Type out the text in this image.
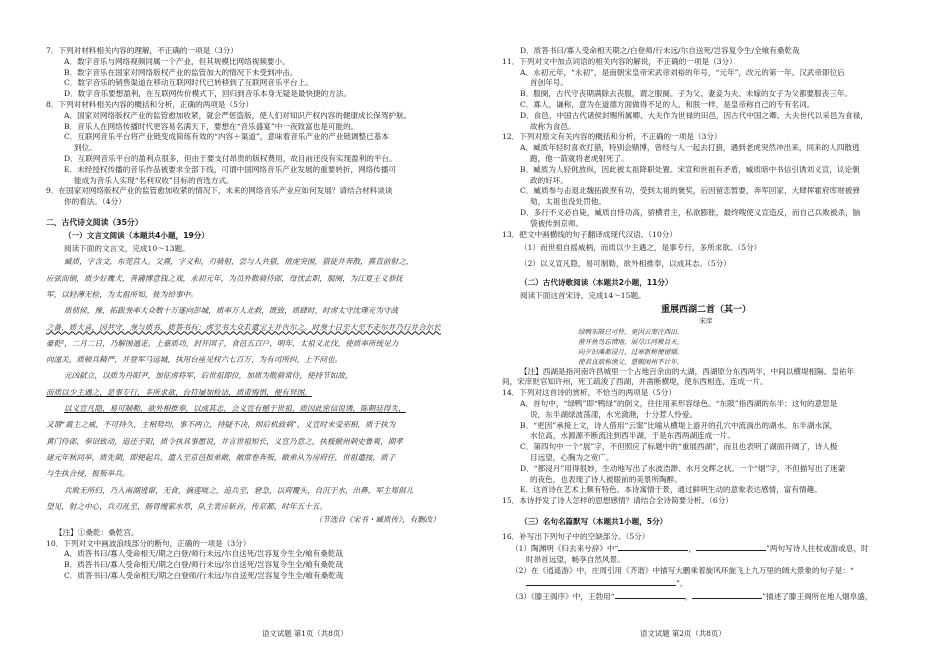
7．下列对材料相关内容的理解，不正确的一项是（3分）

A．数字音乐与网络视频同属一个产业，但其规模比网络视频要小。

B．数字音乐在国家对网络版权产业的监管加大的情况下未受到冲击。

C．数字音乐的销售渠道在移动互联网时代已转移到了互联网音乐平台上。

D．数字音乐要想盈利，在互联网传价模式下，回归到音乐本身无疑是最快捷的方法。

8．下列对材料相关内容的概括和分析，正确的两项是（5分）

A．国家对网络版权产业的监管愈加收紧，就会严惩盗版，使人们对知识产权内容的健康成长保驾护航。

B．音乐人在网络传播时代更容易名满天下，要想在“音乐盛宴”中一夜致富也是可能的。

C．互联网音乐平台将产业链变成简练有效的“内容＋渠道”，意味着音乐产业的产业链调整已基本

到位。

D．互联网音乐平台的盈利点很多，但由于要支付昂贵的版权费用，故目前还没有实现盈利的平台。

E．未经授权传播的音乐作品被要求全部下线，可谓中国网络音乐产业发展的重要转折，网络传播可

能成为音乐人实现“名利双收”目标的首选方式。

9．在国家对网络版权产业的监管愈加收紧的情况下，未来的网络音乐产业应如何发展？请结合材料谈谈

你的看法。（4分）

二、古代诗文阅读（35分）

（一）文言文阅读（本题共4小题，19分）

阅读下面的文言文，完成10～13题。

臧质，字含文，东莞莒人。父熹，字义和，刃骑射，尝与人共猎，值虎突围，猎徒并奔散，熹直前射之，

应弦而倒，质少好鹰犬，善蒱博意钱之戏，永初元年，为员外散骑侍郎，母忧去职，服阕，为江夏王义恭抚

军，以轻薄无检，为太祖所知，徙为给事中。

质侦侯，豫，拓跋焘率大众数十万遂向彭城，质率万人北救，既致，质肆时，时虏太守沈璞充为守战

之备，质大喜，因共守，焘与质书，质答书有：虏至书大众若遣宝王并告尔之。时焘十日至大至不走尔并乃行并合尔长

豪乾²，二月二日，乃解围遁走，上嘉质功，封开国子，食邑五百户，明年，太祖义北伐，使质率所统见力

向潼关，质顿兵精严，并登军马远城，执用台座见权六七百万，为有司所纠，上不问也。

元凶弑立，以质为丹阳尹，加征虏将军，后世祖即位，加质为散骑常侍，使持节如故，

而质以少主遇之，是事专行，多所求欲，台符屡加检诘，质甫悔惧，便有异图。

以义宣凡隐，易可制勒，欲外相推奉，以成其志，会义宣有憾于世祖，质因此密信说诱，陈朝廷得失，

又谓“震主之威，不可持久，主相势均，事不两立，持疑不决，则后机致祸”，义宣时未受巫相，质于执为

黄门侍郎，奉诏致动，追还于阳，质令执具事愿说，并言世祖短长，义宣乃意之，执极撤州刺史鲁爽，期孝

建元年秋同举，质先期，即便起兵，遣人至京邑报弟敞，敞席卷奔叛，敞弟从为房府任，世祖遣按，质子

与生执合侵，报叛举兵。

兵败无所归，乃入南湖逃窜，无食，摘莲啖之，追兵至，窘急，以荷覆头，自沉于水，出鼻，军主郑俱儿

望见，射之中心，兵刃乱至，肠胃缠萦水草，队主裴应斩首，传京都，时年五十五。

（节选自《宋书・臧质传》，有删改）

【注】①桑乾：桑乾宫。

10．下列对文中画波浪线部分的断句，正确的一项是（3分）

A．质答书曰/寡人受命相天/期之白登/师行未远/尔自送死/岂容复令生全/飨有桑乾哉

B．质答书曰/寡人受命相天/期之白登/师行未远/尔自送死/岂容复令生全/飨有桑乾哉

C．质答书曰/寡人受命相天/期之白登师/行未远/尔自送死/岂容复令生全/飨有桑乾哉

D．质答书曰/寡人受命相天期之/白登师/行未远/尔自送死/岂容复令生/全飨有桑乾哉

11．下列对文中加点词语的相关内容的解说，不正确的一项是（3分）

A．永初元年，“永初”，是南朝宋皇帝宋武帝刘裕的年号，“元年”，改元的第一年。汉武帝即位后

首创年号。

B．服阕，古代守丧期满除去丧服，谓之服阕。子为父、妻妾为夫、未嫁的女子为父都要服丧三年。

C．寡人，谦称，意为在道德方面做得不足的人。和朕一样，是皇帝称自己的专有名词。

D．食邑，中国古代诸侯封赐所属卿、大夫作为世禄的田邑，因古代中国之卿、大夫世代以采邑为食禄，

故称为食邑。

12．下列对原文有关内容的概括和分析，不正确的一项是（3分）

A．臧质年轻时喜欢打猎，特别会赌博，曾经与人一起去打猎，遇到老虎突然冲出来，同来的人四散逃

跑，他一箭就将老虎射死了。

B．臧质为人轻佻放纵，因此被太祖降职处置。宋宣和世祖有矛盾，臧质暗中书信引诱刘义宣，议论朝

政的好坏。

C．臧质参与击退北魏拓跋焘有功，受到太祖的褒奖，后因留恋暂要，奔军回家，大肆挥霍府库财被弹

劾，太祖也没处罚他。

D．多行不义必自毙，臧质自恃功高，骄横君主，私欲膨胀，最终嗖使义宣造反，而自己兵败被杀，脑

袋被传到京师。

13．把文中画横线的句子翻译成现代汉语。（10分）

（1）而世祖自摇威柄，而质以少主遇之，是事专行，多所求欲。（5分）

（2）以义宣凡隐，易可制勒，欲外相推奉，以成其志。（5分）

（二）古代诗歌阅读（本题共2小题，11分）

阅读下面这首宋诗，完成14～15题。

重展西湖二首（其一）

宋庠

绿鸭东陂已可怜，更因云窦注西田。

凿开鱼鸟忘情地，展尽江河极目天。

向夕旧滩都浸月，过寒新树便留烟。

使君直欲称渔父，愿赐闲州不计年。

【注】西湖是指河南许昌城里一个占地百余亩的大湖，西湖原分东西两半，中间以横堤相隔。皇祐年

间，宋庠贬官知许州，死工疏浚了西湖，并凿断横堤，使东西相连，连成一片。

14．下列对这首诗的赏析，不恰当的两项是（5分）

A．首句中，“绿鸭”即“鸭绿”的倒文，往往用来形容绿色。“东陂”指西湖的东半；这句的意思是

说，东半湖绿波荡漾，水光潋滟，十分惹人怜爱。

B．“更因”承接上文，诗人借用“云窦”比喻从横堤上游开的孔穴中流淌出的湖水。东半湖水深，

水位高，水源源不断流注到西半湖，于是东西两湖连成一片。

C．第四句中一个“展”字，不但照应了标题中的“重展西湖”，而且也表明了湖面开阔了，诗人极

目远望，心胸为之宽广。

D．“都浸月”用得很妙，生动地写出了水波浩渺、水月交辉之状。一个“烟”字，不但描写出了迷蒙

的夜色，也表现了诗人被眼前的美景所陶醉。

E．这首诗在艺术上颇有特色。本诗寓情于景，通过鲜明生动的意象表达感情，富有情趣。

15．本诗抒发了诗人怎样的思想感情？请结合全诗简要分析。（6分）

（三）名句名篇默写（本题共1小题，5分）

16．补写出下列句子中的空缺部分。（5分）

（1）陶渊明《归去来兮辞》中“	，	”两句写诗人拄杖或游或息，时

时昂首远望，畅享自然风景。

（2）在《逍遥游》中，庄周引用《齐谐》中描写大鹏乘着旋风环旋飞上九万里的阔大景象的句子是：“

”。

（3）《滕王阁序》中，王勃用“	，	”描述了滕王阁所在地人烟阜盛，

语文试题 第1页（共8页）	语文试题 第2页（共8页）
